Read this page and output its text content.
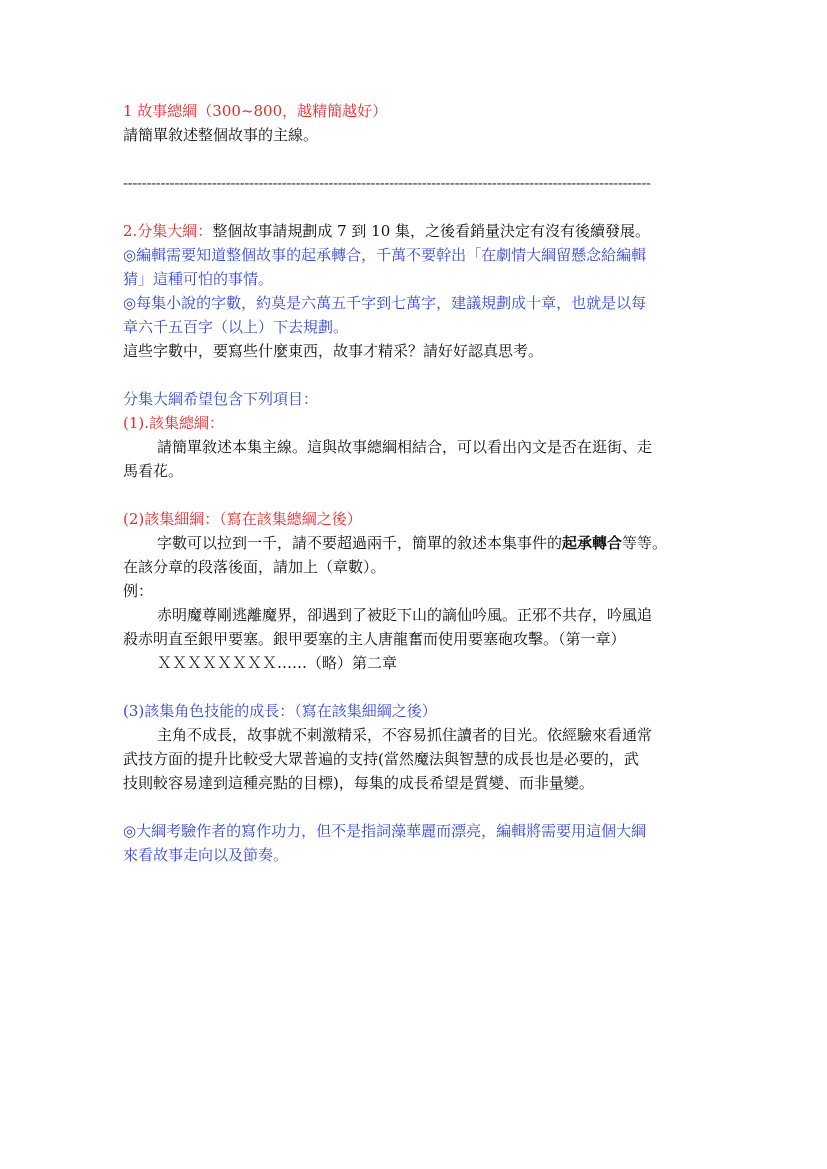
1 故事總綱（300~800，越精簡越好）
請簡單敘述整個故事的主線。
-----------------------------------------------------------------------------------------------------------------
2.分集大綱：整個故事請規劃成 7 到 10 集，之後看銷量決定有沒有後續發展。
◎編輯需要知道整個故事的起承轉合，千萬不要幹出「在劇情大綱留懸念給編輯
猜」這種可怕的事情。
◎每集小說的字數，約莫是六萬五千字到七萬字，建議規劃成十章，也就是以每
章六千五百字（以上）下去規劃。
這些字數中，要寫些什麼東西，故事才精采？請好好認真思考。
分集大綱希望包含下列項目：
(1).該集總綱：
請簡單敘述本集主線。這與故事總綱相結合，可以看出內文是否在逛街、走
馬看花。
(2)該集細綱：（寫在該集總綱之後）
字數可以拉到一千，請不要超過兩千，簡單的敘述本集事件的起承轉合等等。
在該分章的段落後面，請加上（章數）。
例：
赤明魔尊剛逃離魔界，卻遇到了被貶下山的謫仙吟風。正邪不共存，吟風追
殺赤明直至銀甲要塞。銀甲要塞的主人唐龍奮而使用要塞砲攻擊。（第一章）
ＸＸＸＸＸＸＸＸ……（略）第二章
(3)該集角色技能的成長：（寫在該集細綱之後）
主角不成長，故事就不刺激精采，不容易抓住讀者的目光。依經驗來看通常
武技方面的提升比較受大眾普遍的支持(當然魔法與智慧的成長也是必要的，武
技則較容易達到這種亮點的目標)，每集的成長希望是質變、而非量變。
◎大綱考驗作者的寫作功力，但不是指詞藻華麗而漂亮，編輯將需要用這個大綱
來看故事走向以及節奏。
